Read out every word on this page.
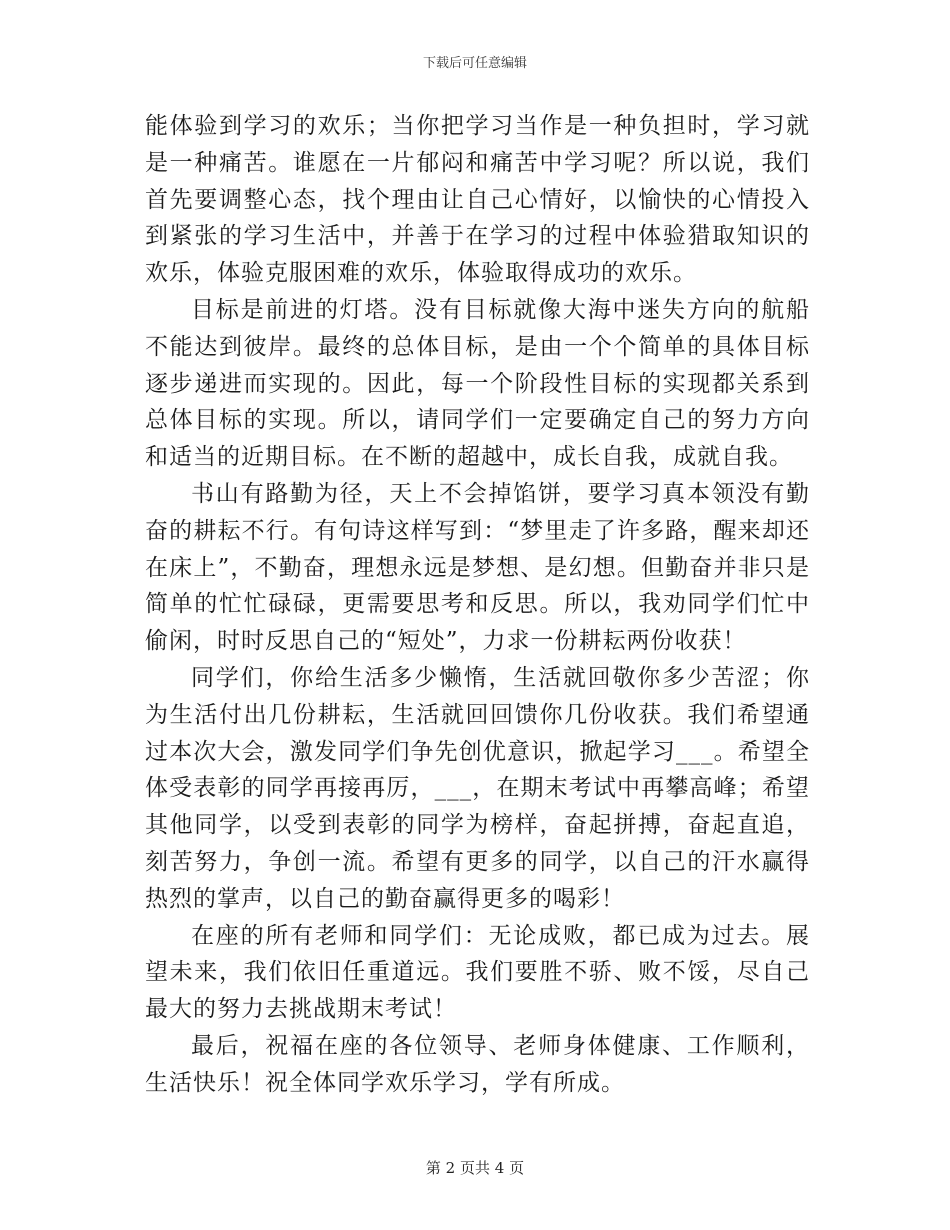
下载后可任意编辑

能体验到学习的欢乐；当你把学习当作是一种负担时，学习就是一种痛苦。谁愿在一片郁闷和痛苦中学习呢？所以说，我们首先要调整心态，找个理由让自己心情好，以愉快的心情投入到紧张的学习生活中，并善于在学习的过程中体验猎取知识的欢乐，体验克服困难的欢乐，体验取得成功的欢乐。

目标是前进的灯塔。没有目标就像大海中迷失方向的航船不能达到彼岸。最终的总体目标，是由一个个简单的具体目标逐步递进而实现的。因此，每一个阶段性目标的实现都关系到总体目标的实现。所以，请同学们一定要确定自己的努力方向和适当的近期目标。在不断的超越中，成长自我，成就自我。

书山有路勤为径，天上不会掉馅饼，要学习真本领没有勤奋的耕耘不行。有句诗这样写到：“梦里走了许多路，醒来却还在床上”，不勤奋，理想永远是梦想、是幻想。但勤奋并非只是简单的忙忙碌碌，更需要思考和反思。所以，我劝同学们忙中偷闲，时时反思自己的“短处”，力求一份耕耘两份收获！

同学们，你给生活多少懒惰，生活就回敬你多少苦涩；你为生活付出几份耕耘，生活就回回馈你几份收获。我们希望通过本次大会，激发同学们争先创优意识，掀起学习___。希望全体受表彰的同学再接再厉，___，在期末考试中再攀高峰；希望其他同学，以受到表彰的同学为榜样，奋起拼搏，奋起直追，刻苦努力，争创一流。希望有更多的同学，以自己的汗水赢得热烈的掌声，以自己的勤奋赢得更多的喝彩！

在座的所有老师和同学们：无论成败，都已成为过去。展望未来，我们依旧任重道远。我们要胜不骄、败不馁，尽自己最大的努力去挑战期末考试！

最后，祝福在座的各位领导、老师身体健康、工作顺利，生活快乐！祝全体同学欢乐学习，学有所成。

第 2 页共 4 页
